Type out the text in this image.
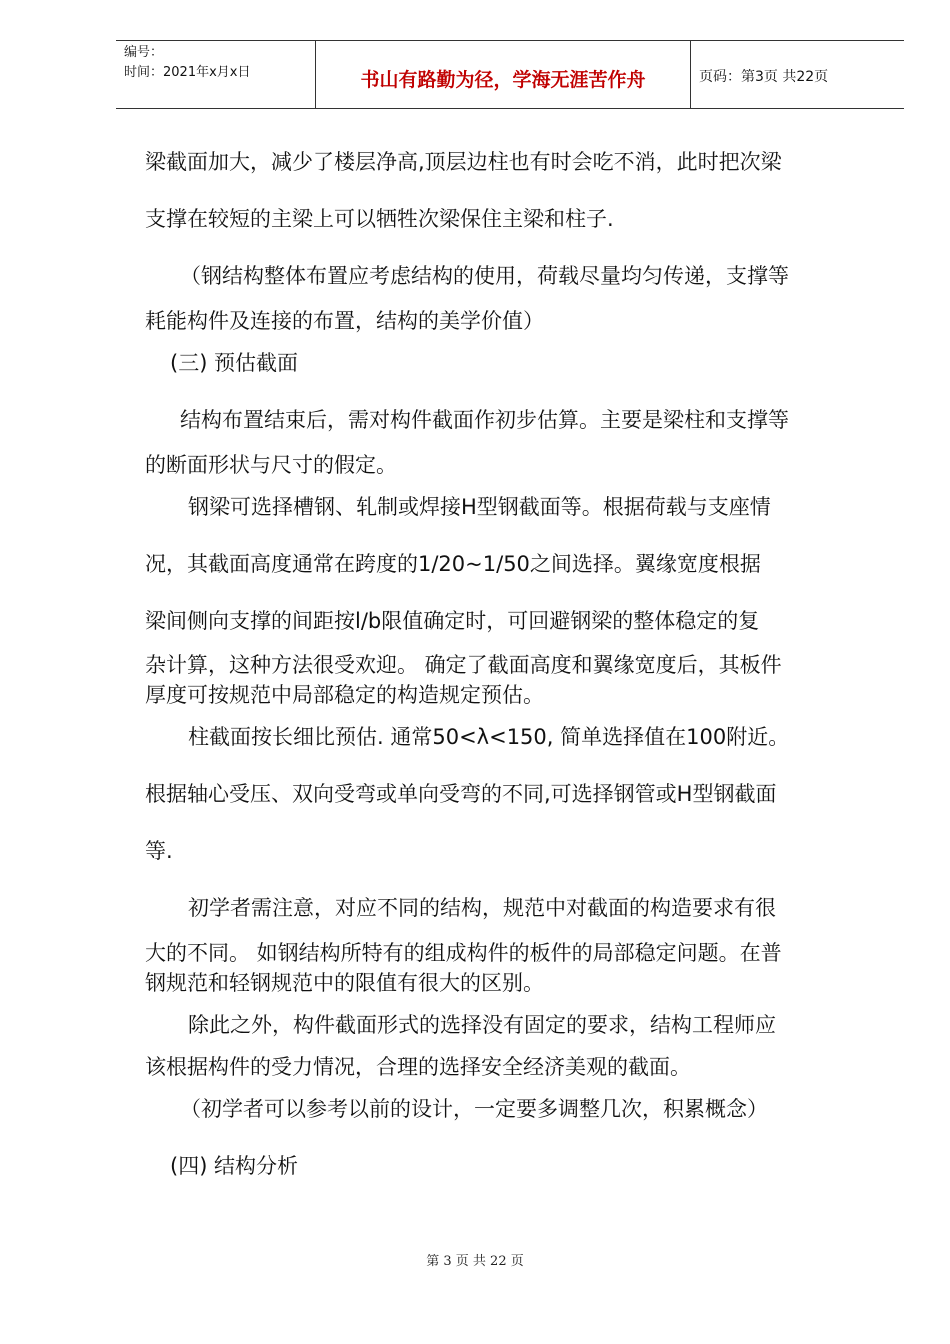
编号：
时间：2021年x月x日	书山有路勤为径，学海无涯苦作舟	页码：第3页 共22页
梁截面加大，减少了楼层净高,顶层边柱也有时会吃不消，此时把次梁
支撑在较短的主梁上可以牺牲次梁保住主梁和柱子.
（钢结构整体布置应考虑结构的使用，荷载尽量均匀传递，支撑等
耗能构件及连接的布置，结构的美学价值）
(三) 预估截面
结构布置结束后，需对构件截面作初步估算。主要是梁柱和支撑等
的断面形状与尺寸的假定。
钢梁可选择槽钢、轧制或焊接H型钢截面等。根据荷载与支座情
况，其截面高度通常在跨度的1/20~1/50之间选择。翼缘宽度根据
梁间侧向支撑的间距按l/b限值确定时，可回避钢梁的整体稳定的复
杂计算，这种方法很受欢迎。 确定了截面高度和翼缘宽度后，其板件
厚度可按规范中局部稳定的构造规定预估。
柱截面按长细比预估. 通常50<λ<150, 简单选择值在100附近。
根据轴心受压、双向受弯或单向受弯的不同,可选择钢管或H型钢截面
等.
初学者需注意，对应不同的结构，规范中对截面的构造要求有很
大的不同。 如钢结构所特有的组成构件的板件的局部稳定问题。在普
钢规范和轻钢规范中的限值有很大的区别。
除此之外，构件截面形式的选择没有固定的要求，结构工程师应
该根据构件的受力情况，合理的选择安全经济美观的截面。
（初学者可以参考以前的设计，一定要多调整几次，积累概念）
(四) 结构分析
第 3 页 共 22 页
